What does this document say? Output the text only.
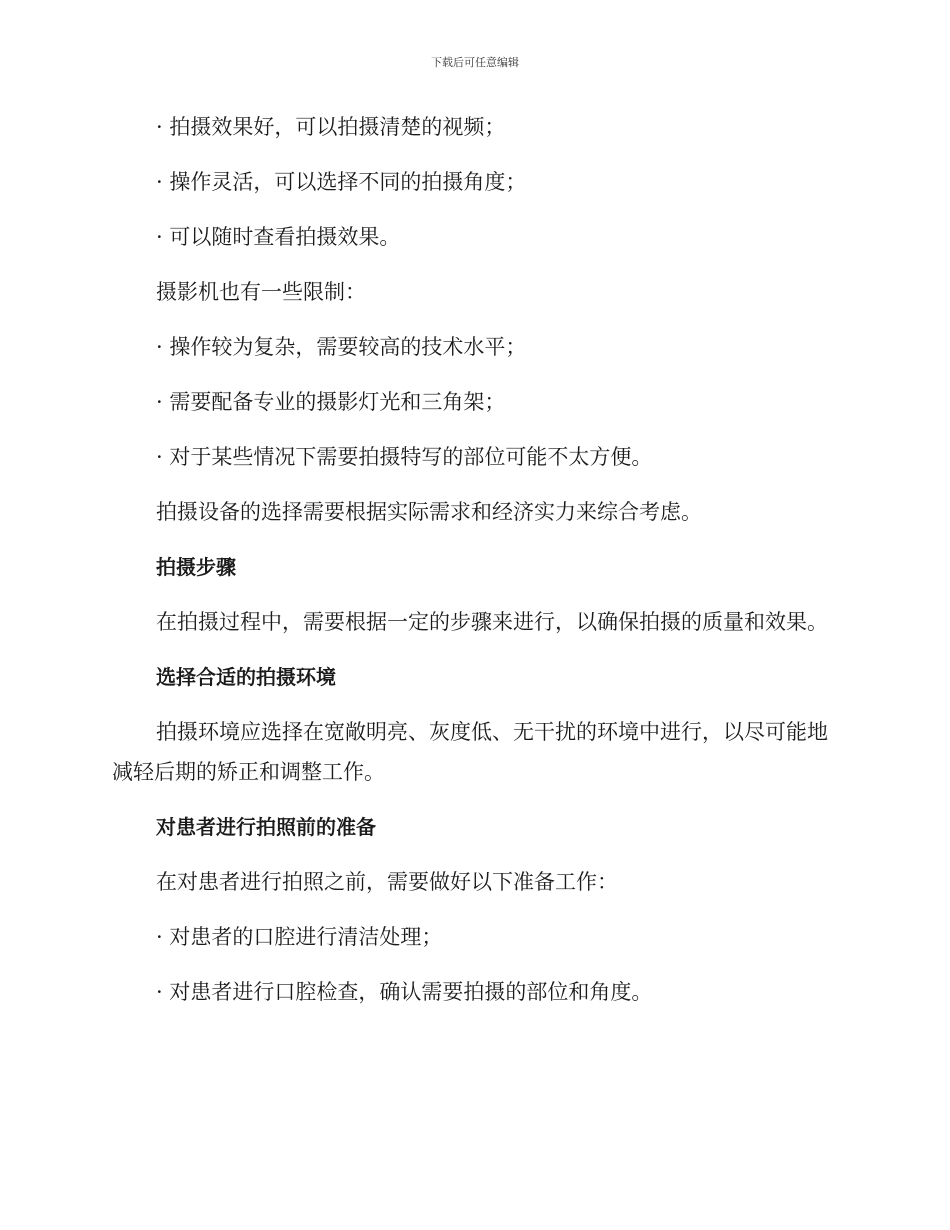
下载后可任意编辑
· 拍摄效果好，可以拍摄清楚的视频；
· 操作灵活，可以选择不同的拍摄角度；
· 可以随时查看拍摄效果。
摄影机也有一些限制：
· 操作较为复杂，需要较高的技术水平；
· 需要配备专业的摄影灯光和三角架；
· 对于某些情况下需要拍摄特写的部位可能不太方便。
拍摄设备的选择需要根据实际需求和经济实力来综合考虑。
拍摄步骤
在拍摄过程中，需要根据一定的步骤来进行，以确保拍摄的质量和效果。
选择合适的拍摄环境
拍摄环境应选择在宽敞明亮、灰度低、无干扰的环境中进行，以尽可能地减轻后期的矫正和调整工作。
对患者进行拍照前的准备
在对患者进行拍照之前，需要做好以下准备工作：
· 对患者的口腔进行清洁处理；
· 对患者进行口腔检查，确认需要拍摄的部位和角度。
